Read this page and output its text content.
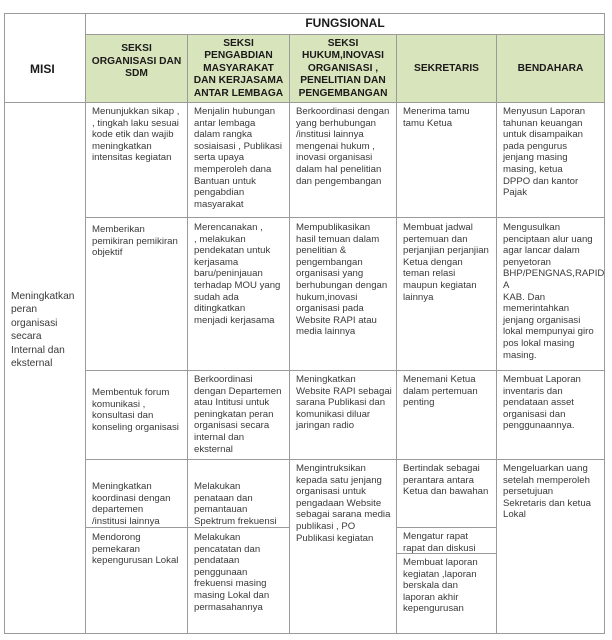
FUNGSIONAL
MISI
SEKSI
ORGANISASI DAN
SDM
SEKSI
PENGABDIAN
MASYARAKAT
DAN KERJASAMA
ANTAR LEMBAGA
SEKSI
HUKUM,INOVASI
ORGANISASI ,
PENELITIAN DAN
PENGEMBANGAN
SEKRETARIS	BENDAHARA
Meningkatkan
peran
organisasi
secara
Internal dan
eksternal
Menunjukkan sikap ,
, tingkah laku sesuai
kode etik dan wajib
meningkatkan
intensitas kegiatan
Menjalin hubungan
antar lembaga
dalam rangka
sosiaisasi , Publikasi
serta upaya
memperoleh dana
Bantuan untuk
pengabdian
masyarakat
Berkoordinasi dengan
yang berhubungan
/institusi lainnya
mengenai hukum ,
inovasi organisasi
dalam hal penelitian
dan pengembangan
Menerima tamu
tamu Ketua
Menyusun Laporan
tahunan keuangan
untuk disampaikan
pada pengurus
jenjang masing
masing, ketua
DPPO dan kantor
Pajak
Memberikan
pemikiran pemikiran
objektif
Merencanakan ,
, melakukan
pendekatan untuk
kerjasama
baru/peninjauan
terhadap MOU yang
sudah ada
ditingkatkan
menjadi kerjasama
Mempublikasikan
hasil temuan dalam
penelitian &
pengembangan
organisasi yang
berhubungan dengan
hukum,inovasi
organisasi pada
Website RAPI atau
media lainnya
Membuat jadwal
pertemuan dan
perjanjian perjanjian
Ketua dengan
teman relasi
maupun kegiatan
lainnya
Mengusulkan
penciptaan alur uang
agar lancar dalam
penyetoran
BHP/PENGNAS,RAPID
A
KAB. Dan
memerintahkan
jenjang organisasi
lokal mempunyai giro
pos lokal masing
masing.
Membentuk forum
komunikasi ,
konsultasi dan
konseling organisasi
Berkoordinasi
dengan Departemen
atau Intitusi untuk
peningkatan peran
organisasi secara
internal dan
eksternal
Meningkatkan
Website RAPI sebagai
sarana Publikasi dan
komunikasi diluar
jaringan radio
Menemani Ketua
dalam pertemuan
penting
Membuat Laporan
inventaris dan
pendataan asset
organisasi dan
penggunaannya.
Meningkatkan
koordinasi dengan
departemen
/institusi lainnya
Mendorong
pemekaran
kepengurusan Lokal
Melakukan
penataan dan
pemantauan
Spektrum frekuensi
Melakukan
pencatatan dan
pendataan
penggunaan
frekuensi masing
masing Lokal dan
permasahannya
Mengintruksikan
kepada satu jenjang
organisasi untuk
pengadaan Website
sebagai sarana media
publikasi , PO
Publikasi kegiatan
Bertindak sebagai
perantara antara
Ketua dan bawahan
Mengatur rapat
rapat dan diskusi
Membuat laporan
kegiatan ,laporan
berskala dan
laporan akhir
kepengurusan
Mengeluarkan uang
setelah memperoleh
persetujuan
Sekretaris dan ketua
Lokal
